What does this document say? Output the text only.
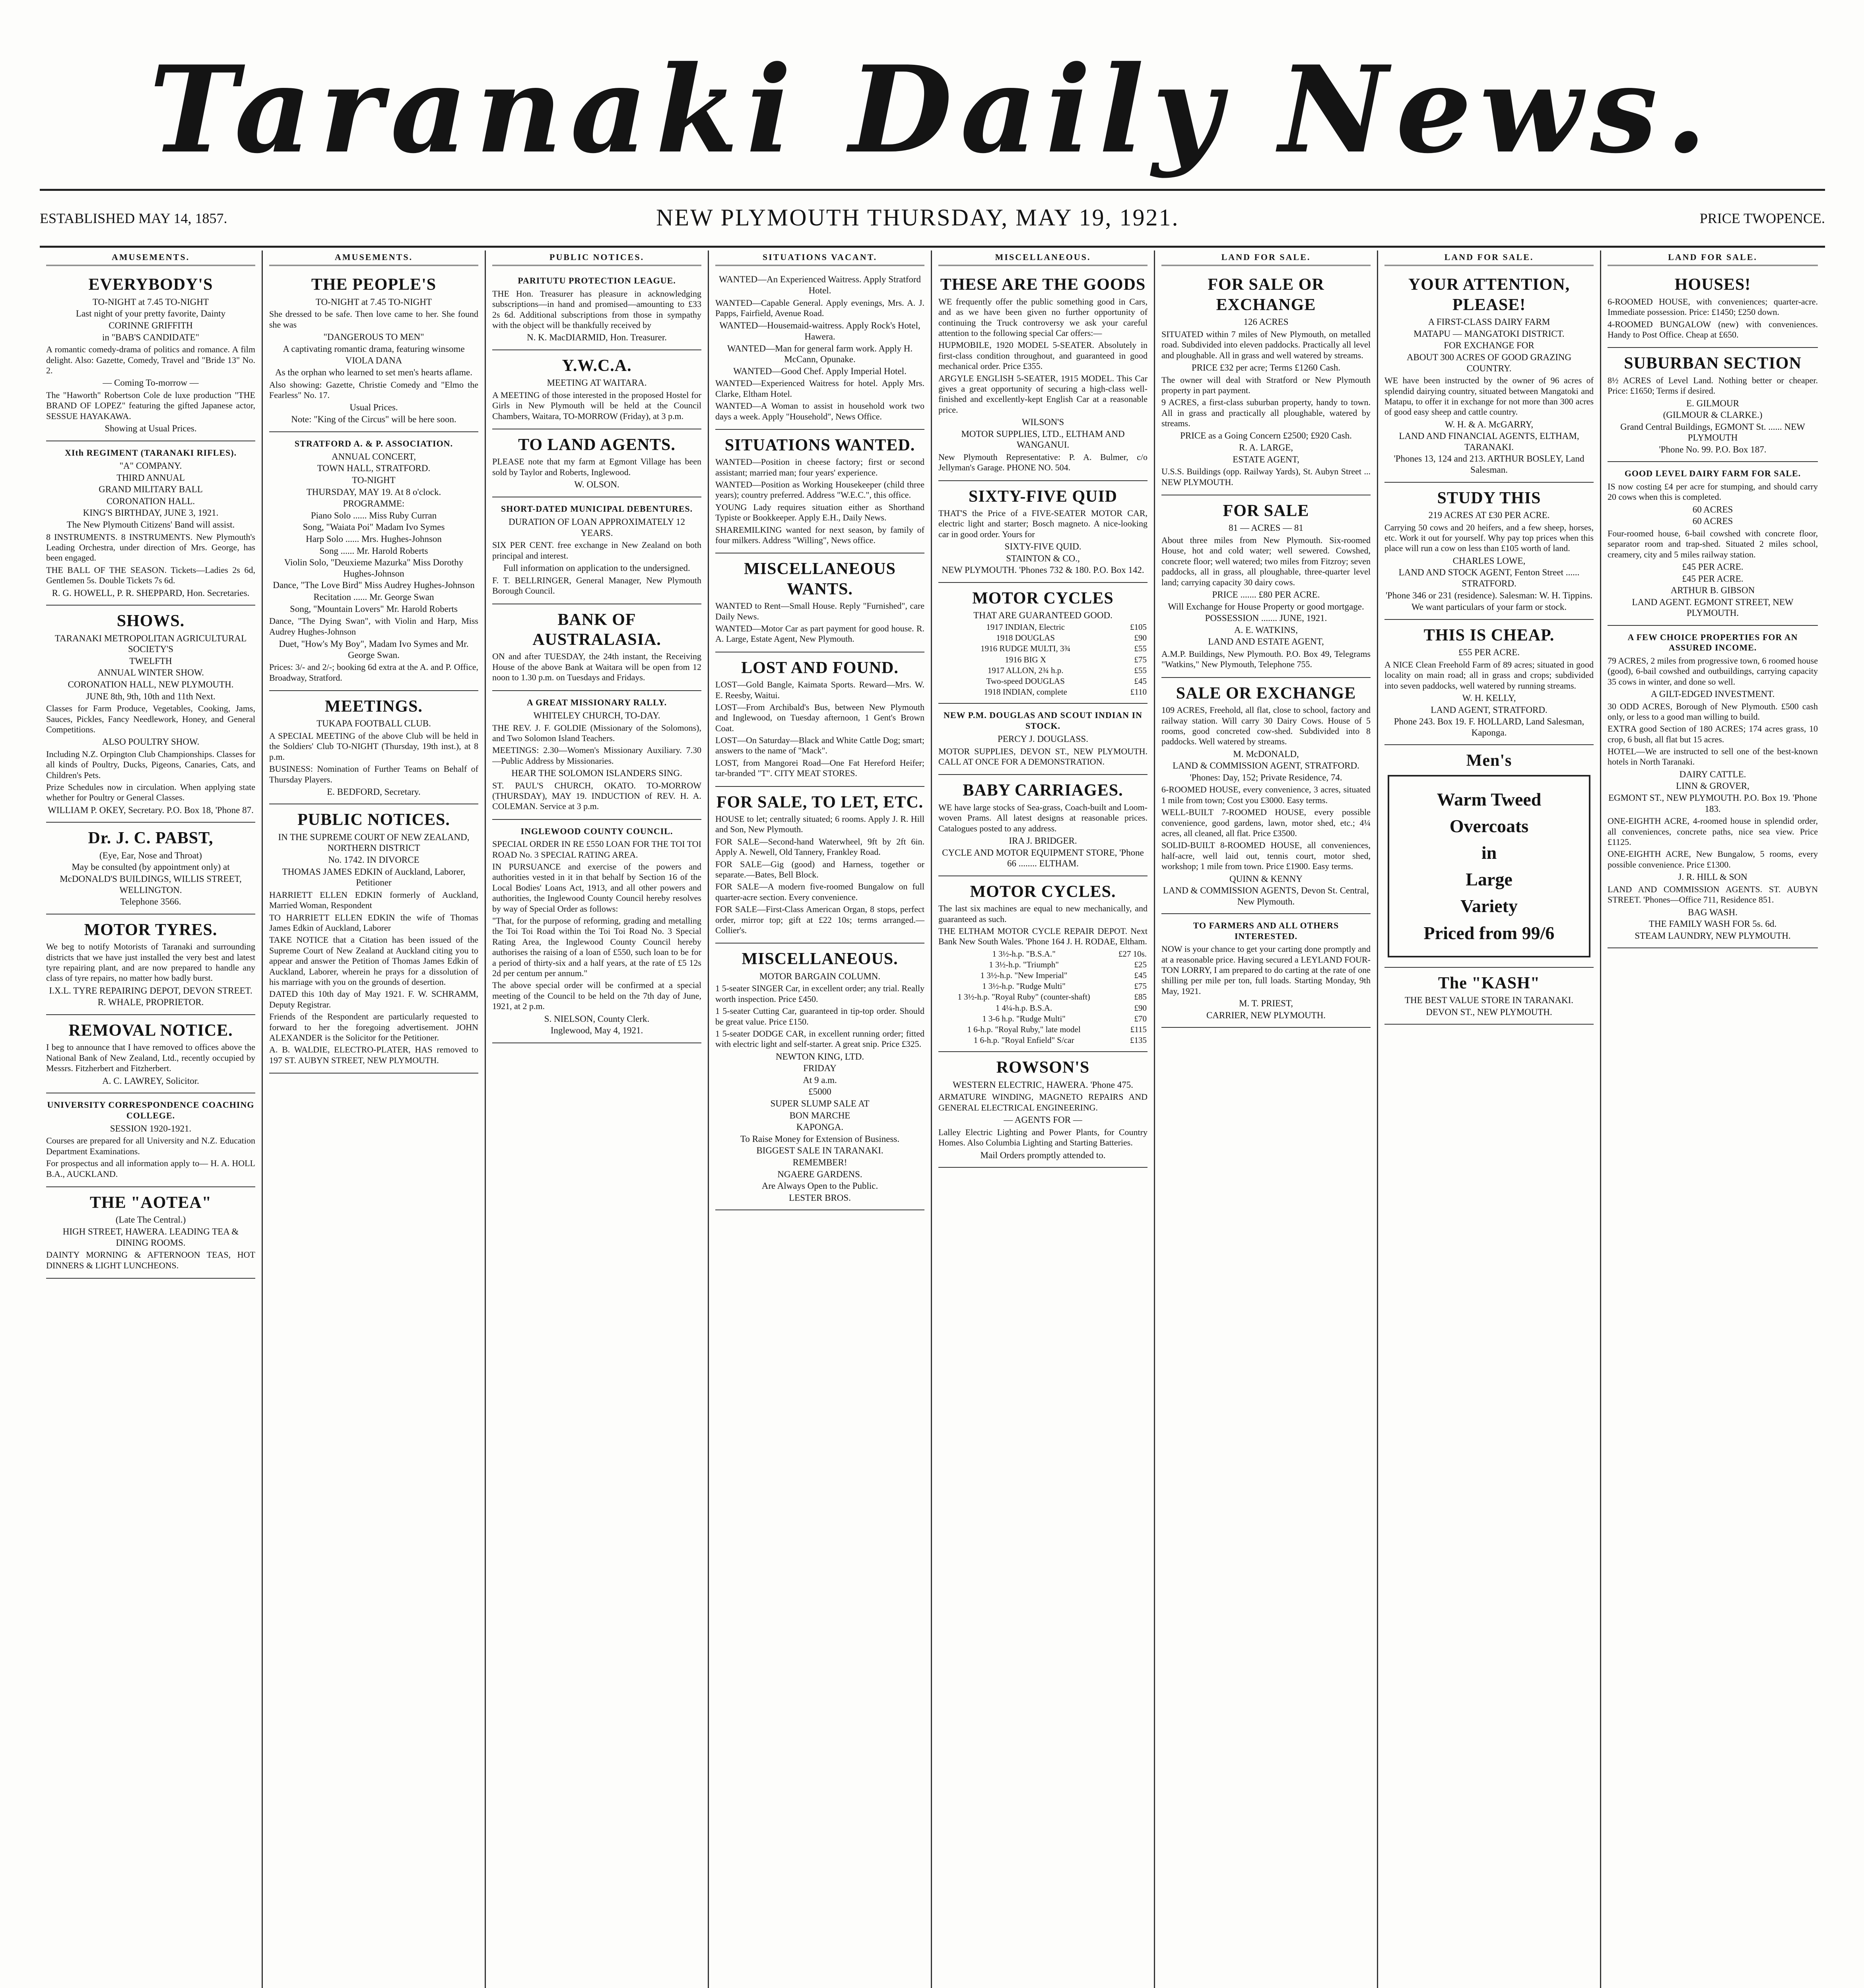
Taranaki Daily News.
ESTABLISHED MAY 14, 1857.	NEW PLYMOUTH THURSDAY, MAY 19, 1921.	PRICE TWOPENCE.
AMUSEMENTS.
EVERYBODY'S
TO-NIGHT at 7.45 TO-NIGHT
Last night of your pretty favorite, Dainty
CORINNE GRIFFITH
in "BAB'S CANDIDATE"
A romantic comedy-drama of politics and romance. A film delight. Also: Gazette, Comedy, Travel and "Bride 13" No. 2.
— Coming To-morrow —
The "Haworth" Robertson Cole de luxe production "THE BRAND OF LOPEZ" featuring the gifted Japanese actor, SESSUE HAYAKAWA.
Showing at Usual Prices.
XIth REGIMENT (TARANAKI RIFLES).
"A" COMPANY.
THIRD ANNUAL
GRAND MILITARY BALL
CORONATION HALL.
KING'S BIRTHDAY, JUNE 3, 1921.
The New Plymouth Citizens' Band will assist.
8 INSTRUMENTS. 8 INSTRUMENTS. New Plymouth's Leading Orchestra, under direction of Mrs. George, has been engaged.
THE BALL OF THE SEASON. Tickets—Ladies 2s 6d, Gentlemen 5s. Double Tickets 7s 6d.
R. G. HOWELL, P. R. SHEPPARD, Hon. Secretaries.
SHOWS.
TARANAKI METROPOLITAN AGRICULTURAL SOCIETY'S
TWELFTH
ANNUAL WINTER SHOW.
CORONATION HALL, NEW PLYMOUTH.
JUNE 8th, 9th, 10th and 11th Next.
Classes for Farm Produce, Vegetables, Cooking, Jams, Sauces, Pickles, Fancy Needlework, Honey, and General Competitions.
ALSO POULTRY SHOW.
Including N.Z. Orpington Club Championships. Classes for all kinds of Poultry, Ducks, Pigeons, Canaries, Cats, and Children's Pets.
Prize Schedules now in circulation. When applying state whether for Poultry or General Classes.
WILLIAM P. OKEY, Secretary. P.O. Box 18, 'Phone 87.
Dr. J. C. PABST,
(Eye, Ear, Nose and Throat)
May be consulted (by appointment only) at
McDONALD'S BUILDINGS, WILLIS STREET, WELLINGTON.
Telephone 3566.
MOTOR TYRES.
We beg to notify Motorists of Taranaki and surrounding districts that we have just installed the very best and latest tyre repairing plant, and are now prepared to handle any class of tyre repairs, no matter how badly burst.
I.X.L. TYRE REPAIRING DEPOT, DEVON STREET.
R. WHALE, PROPRIETOR.
REMOVAL NOTICE.
I beg to announce that I have removed to offices above the National Bank of New Zealand, Ltd., recently occupied by Messrs. Fitzherbert and Fitzherbert.
A. C. LAWREY, Solicitor.
UNIVERSITY CORRESPONDENCE COACHING COLLEGE.
SESSION 1920-1921.
Courses are prepared for all University and N.Z. Education Department Examinations.
For prospectus and all information apply to— H. A. HOLL B.A., AUCKLAND.
THE "AOTEA"
(Late The Central.)
HIGH STREET, HAWERA. LEADING TEA & DINING ROOMS.
DAINTY MORNING & AFTERNOON TEAS, HOT DINNERS & LIGHT LUNCHEONS.
AMUSEMENTS.
THE PEOPLE'S
TO-NIGHT at 7.45 TO-NIGHT
She dressed to be safe. Then love came to her. She found she was
"DANGEROUS TO MEN"
A captivating romantic drama, featuring winsome
VIOLA DANA
As the orphan who learned to set men's hearts aflame.
Also showing: Gazette, Christie Comedy and "Elmo the Fearless" No. 17.
Usual Prices.
Note: "King of the Circus" will be here soon.
STRATFORD A. & P. ASSOCIATION.
ANNUAL CONCERT,
TOWN HALL, STRATFORD.
TO-NIGHT
THURSDAY, MAY 19. At 8 o'clock.
PROGRAMME:
Piano Solo ...... Miss Ruby Curran
Song, "Waiata Poi" Madam Ivo Symes
Harp Solo ...... Mrs. Hughes-Johnson
Song ...... Mr. Harold Roberts
Violin Solo, "Deuxieme Mazurka" Miss Dorothy Hughes-Johnson
Dance, "The Love Bird" Miss Audrey Hughes-Johnson
Recitation ...... Mr. George Swan
Song, "Mountain Lovers" Mr. Harold Roberts
Dance, "The Dying Swan", with Violin and Harp, Miss Audrey Hughes-Johnson
Duet, "How's My Boy", Madam Ivo Symes and Mr. George Swan.
Prices: 3/- and 2/-; booking 6d extra at the A. and P. Office, Broadway, Stratford.
MEETINGS.
TUKAPA FOOTBALL CLUB.
A SPECIAL MEETING of the above Club will be held in the Soldiers' Club TO-NIGHT (Thursday, 19th inst.), at 8 p.m.
BUSINESS: Nomination of Further Teams on Behalf of Thursday Players.
E. BEDFORD, Secretary.
PUBLIC NOTICES.
IN THE SUPREME COURT OF NEW ZEALAND, NORTHERN DISTRICT
No. 1742. IN DIVORCE
THOMAS JAMES EDKIN of Auckland, Laborer, Petitioner
HARRIETT ELLEN EDKIN formerly of Auckland, Married Woman, Respondent
TO HARRIETT ELLEN EDKIN the wife of Thomas James Edkin of Auckland, Laborer
TAKE NOTICE that a Citation has been issued of the Supreme Court of New Zealand at Auckland citing you to appear and answer the Petition of Thomas James Edkin of Auckland, Laborer, wherein he prays for a dissolution of his marriage with you on the grounds of desertion.
DATED this 10th day of May 1921. F. W. SCHRAMM, Deputy Registrar.
Friends of the Respondent are particularly requested to forward to her the foregoing advertisement. JOHN ALEXANDER is the Solicitor for the Petitioner.
A. B. WALDIE, ELECTRO-PLATER, HAS removed to 197 ST. AUBYN STREET, NEW PLYMOUTH.
PUBLIC NOTICES.
PARITUTU PROTECTION LEAGUE.
THE Hon. Treasurer has pleasure in acknowledging subscriptions—in hand and promised—amounting to £33 2s 6d. Additional subscriptions from those in sympathy with the object will be thankfully received by
N. K. MacDIARMID, Hon. Treasurer.
Y.W.C.A.
MEETING AT WAITARA.
A MEETING of those interested in the proposed Hostel for Girls in New Plymouth will be held at the Council Chambers, Waitara, TO-MORROW (Friday), at 3 p.m.
TO LAND AGENTS.
PLEASE note that my farm at Egmont Village has been sold by Taylor and Roberts, Inglewood.
W. OLSON.
SHORT-DATED MUNICIPAL DEBENTURES.
DURATION OF LOAN APPROXIMATELY 12 YEARS.
SIX PER CENT. free exchange in New Zealand on both principal and interest.
Full information on application to the undersigned.
F. T. BELLRINGER, General Manager, New Plymouth Borough Council.
BANK OF AUSTRALASIA.
ON and after TUESDAY, the 24th instant, the Receiving House of the above Bank at Waitara will be open from 12 noon to 1.30 p.m. on Tuesdays and Fridays.
A GREAT MISSIONARY RALLY.
WHITELEY CHURCH, TO-DAY.
THE REV. J. F. GOLDIE (Missionary of the Solomons), and Two Solomon Island Teachers.
MEETINGS: 2.30—Women's Missionary Auxiliary. 7.30—Public Address by Missionaries.
HEAR THE SOLOMON ISLANDERS SING.
ST. PAUL'S CHURCH, OKATO. TO-MORROW (THURSDAY), MAY 19. INDUCTION of REV. H. A. COLEMAN. Service at 3 p.m.
INGLEWOOD COUNTY COUNCIL.
SPECIAL ORDER IN RE £550 LOAN FOR THE TOI TOI ROAD No. 3 SPECIAL RATING AREA.
IN PURSUANCE and exercise of the powers and authorities vested in it in that behalf by Section 16 of the Local Bodies' Loans Act, 1913, and all other powers and authorities, the Inglewood County Council hereby resolves by way of Special Order as follows:
"That, for the purpose of reforming, grading and metalling the Toi Toi Road within the Toi Toi Road No. 3 Special Rating Area, the Inglewood County Council hereby authorises the raising of a loan of £550, such loan to be for a period of thirty-six and a half years, at the rate of £5 12s 2d per centum per annum."
The above special order will be confirmed at a special meeting of the Council to be held on the 7th day of June, 1921, at 2 p.m.
S. NIELSON, County Clerk.
Inglewood, May 4, 1921.
SITUATIONS VACANT.
WANTED—An Experienced Waitress. Apply Stratford Hotel.
WANTED—Capable General. Apply evenings, Mrs. A. J. Papps, Fairfield, Avenue Road.
WANTED—Housemaid-waitress. Apply Rock's Hotel, Hawera.
WANTED—Man for general farm work. Apply H. McCann, Opunake.
WANTED—Good Chef. Apply Imperial Hotel.
WANTED—Experienced Waitress for hotel. Apply Mrs. Clarke, Eltham Hotel.
WANTED—A Woman to assist in household work two days a week. Apply "Household", News Office.
SITUATIONS WANTED.
WANTED—Position in cheese factory; first or second assistant; married man; four years' experience.
WANTED—Position as Working Housekeeper (child three years); country preferred. Address "W.E.C.", this office.
YOUNG Lady requires situation either as Shorthand Typiste or Bookkeeper. Apply E.H., Daily News.
SHAREMILKING wanted for next season, by family of four milkers. Address "Willing", News office.
MISCELLANEOUS WANTS.
WANTED to Rent—Small House. Reply "Furnished", care Daily News.
WANTED—Motor Car as part payment for good house. R. A. Large, Estate Agent, New Plymouth.
LOST AND FOUND.
LOST—Gold Bangle, Kaimata Sports. Reward—Mrs. W. E. Reesby, Waitui.
LOST—From Archibald's Bus, between New Plymouth and Inglewood, on Tuesday afternoon, 1 Gent's Brown Coat.
LOST—On Saturday—Black and White Cattle Dog; smart; answers to the name of "Mack".
LOST, from Mangorei Road—One Fat Hereford Heifer; tar-branded "T". CITY MEAT STORES.
FOR SALE, TO LET, ETC.
HOUSE to let; centrally situated; 6 rooms. Apply J. R. Hill and Son, New Plymouth.
FOR SALE—Second-hand Waterwheel, 9ft by 2ft 6in. Apply A. Newell, Old Tannery, Frankley Road.
FOR SALE—Gig (good) and Harness, together or separate.—Bates, Bell Block.
FOR SALE—A modern five-roomed Bungalow on full quarter-acre section. Every convenience.
FOR SALE—First-Class American Organ, 8 stops, perfect order, mirror top; gift at £22 10s; terms arranged.—Collier's.
MISCELLANEOUS.
MOTOR BARGAIN COLUMN.
1 5-seater SINGER Car, in excellent order; any trial. Really worth inspection. Price £450.
1 5-seater Cutting Car, guaranteed in tip-top order. Should be great value. Price £150.
1 5-seater DODGE CAR, in excellent running order; fitted with electric light and self-starter. A great snip. Price £325.
NEWTON KING, LTD.
FRIDAY
At 9 a.m.
£5000
SUPER SLUMP SALE AT
BON MARCHE
KAPONGA.
To Raise Money for Extension of Business.
BIGGEST SALE IN TARANAKI.
REMEMBER!
NGAERE GARDENS.
Are Always Open to the Public.
LESTER BROS.
MISCELLANEOUS.
THESE ARE THE GOODS
WE frequently offer the public something good in Cars, and as we have been given no further opportunity of continuing the Truck controversy we ask your careful attention to the following special Car offers:—
HUPMOBILE, 1920 MODEL 5-SEATER. Absolutely in first-class condition throughout, and guaranteed in good mechanical order. Price £355.
ARGYLE ENGLISH 5-SEATER, 1915 MODEL. This Car gives a great opportunity of securing a high-class well-finished and excellently-kept English Car at a reasonable price.
WILSON'S
MOTOR SUPPLIES, LTD., ELTHAM AND WANGANUI.
New Plymouth Representative: P. A. Bulmer, c/o Jellyman's Garage. PHONE NO. 504.
SIXTY-FIVE QUID
THAT'S the Price of a FIVE-SEATER MOTOR CAR, electric light and starter; Bosch magneto. A nice-looking car in good order. Yours for
SIXTY-FIVE QUID.
STAINTON & CO.,
NEW PLYMOUTH. 'Phones 732 & 180. P.O. Box 142.
MOTOR CYCLES
THAT ARE GUARANTEED GOOD.
1917 INDIAN, Electric	£105
1918 DOUGLAS	£90
1916 RUDGE MULTI, 3¾	£55
1916 BIG X	£75
1917 ALLON, 2¾ h.p.	£55
Two-speed DOUGLAS	£45
1918 INDIAN, complete	£110
NEW P.M. DOUGLAS AND SCOUT INDIAN IN STOCK.
PERCY J. DOUGLASS.
MOTOR SUPPLIES, DEVON ST., NEW PLYMOUTH. CALL AT ONCE FOR A DEMONSTRATION.
BABY CARRIAGES.
WE have large stocks of Sea-grass, Coach-built and Loom-woven Prams. All latest designs at reasonable prices. Catalogues posted to any address.
IRA J. BRIDGER.
CYCLE AND MOTOR EQUIPMENT STORE, 'Phone 66 ........ ELTHAM.
MOTOR CYCLES.
The last six machines are equal to new mechanically, and guaranteed as such.
THE ELTHAM MOTOR CYCLE REPAIR DEPOT. Next Bank New South Wales. 'Phone 164 J. H. RODAE, Eltham.
1 3½-h.p. "B.S.A."	£27 10s.
1 3½-h.p. "Triumph"	£25
1 3½-h.p. "New Imperial"	£45
1 3½-h.p. "Rudge Multi"	£75
1 3½-h.p. "Royal Ruby" (counter-shaft)	£85
1 4¼-h.p. B.S.A.	£90
1 3-6 h.p. "Rudge Multi"	£70
1 6-h.p. "Royal Ruby," late model	£115
1 6-h.p. "Royal Enfield" S/car	£135
ROWSON'S
WESTERN ELECTRIC, HAWERA. 'Phone 475.
ARMATURE WINDING, MAGNETO REPAIRS AND GENERAL ELECTRICAL ENGINEERING.
— AGENTS FOR —
Lalley Electric Lighting and Power Plants, for Country Homes. Also Columbia Lighting and Starting Batteries.
Mail Orders promptly attended to.
LAND FOR SALE.
FOR SALE OR EXCHANGE
126 ACRES
SITUATED within 7 miles of New Plymouth, on metalled road. Subdivided into eleven paddocks. Practically all level and ploughable. All in grass and well watered by streams.
PRICE £32 per acre; Terms £1260 Cash.
The owner will deal with Stratford or New Plymouth property in part payment.
9 ACRES, a first-class suburban property, handy to town. All in grass and practically all ploughable, watered by streams.
PRICE as a Going Concern £2500; £920 Cash.
R. A. LARGE,
ESTATE AGENT,
U.S.S. Buildings (opp. Railway Yards), St. Aubyn Street ... NEW PLYMOUTH.
FOR SALE
81 — ACRES — 81
About three miles from New Plymouth. Six-roomed House, hot and cold water; well sewered. Cowshed, concrete floor; well watered; two miles from Fitzroy; seven paddocks, all in grass, all ploughable, three-quarter level land; carrying capacity 30 dairy cows.
PRICE ....... £80 PER ACRE.
Will Exchange for House Property or good mortgage.
POSSESSION ....... JUNE, 1921.
A. E. WATKINS,
LAND AND ESTATE AGENT,
A.M.P. Buildings, New Plymouth. P.O. Box 49, Telegrams "Watkins," New Plymouth, Telephone 755.
SALE OR EXCHANGE
109 ACRES, Freehold, all flat, close to school, factory and railway station. Will carry 30 Dairy Cows. House of 5 rooms, good concreted cow-shed. Subdivided into 8 paddocks. Well watered by streams.
M. McDONALD,
LAND & COMMISSION AGENT, STRATFORD.
'Phones: Day, 152; Private Residence, 74.
6-ROOMED HOUSE, every convenience, 3 acres, situated 1 mile from town; Cost you £3000. Easy terms.
WELL-BUILT 7-ROOMED HOUSE, every possible convenience, good gardens, lawn, motor shed, etc.; 4¼ acres, all cleaned, all flat. Price £3500.
SOLID-BUILT 8-ROOMED HOUSE, all conveniences, half-acre, well laid out, tennis court, motor shed, workshop; 1 mile from town. Price £1900. Easy terms.
QUINN & KENNY
LAND & COMMISSION AGENTS, Devon St. Central, New Plymouth.
TO FARMERS AND ALL OTHERS INTERESTED.
NOW is your chance to get your carting done promptly and at a reasonable price. Having secured a LEYLAND FOUR-TON LORRY, I am prepared to do carting at the rate of one shilling per mile per ton, full loads. Starting Monday, 9th May, 1921.
M. T. PRIEST,
CARRIER, NEW PLYMOUTH.
LAND FOR SALE.
YOUR ATTENTION, PLEASE!
A FIRST-CLASS DAIRY FARM
MATAPU — MANGATOKI DISTRICT.
FOR EXCHANGE FOR
ABOUT 300 ACRES OF GOOD GRAZING COUNTRY.
WE have been instructed by the owner of 96 acres of splendid dairying country, situated between Mangatoki and Matapu, to offer it in exchange for not more than 300 acres of good easy sheep and cattle country.
W. H. & A. McGARRY,
LAND AND FINANCIAL AGENTS, ELTHAM, TARANAKI.
'Phones 13, 124 and 213. ARTHUR BOSLEY, Land Salesman.
STUDY THIS
219 ACRES AT £30 PER ACRE.
Carrying 50 cows and 20 heifers, and a few sheep, horses, etc. Work it out for yourself. Why pay top prices when this place will run a cow on less than £105 worth of land.
CHARLES LOWE,
LAND AND STOCK AGENT, Fenton Street ...... STRATFORD.
'Phone 346 or 231 (residence). Salesman: W. H. Tippins.
We want particulars of your farm or stock.
THIS IS CHEAP.
£55 PER ACRE.
A NICE Clean Freehold Farm of 89 acres; situated in good locality on main road; all in grass and crops; subdivided into seven paddocks, well watered by running streams.
W. H. KELLY,
LAND AGENT, STRATFORD.
Phone 243. Box 19. F. HOLLARD, Land Salesman, Kaponga.
Men's
Warm Tweed
Overcoats
in
Large
Variety
Priced from 99/6
The "KASH"
THE BEST VALUE STORE IN TARANAKI.
DEVON ST., NEW PLYMOUTH.
LAND FOR SALE.
HOUSES!
6-ROOMED HOUSE, with conveniences; quarter-acre. Immediate possession. Price: £1450; £250 down.
4-ROOMED BUNGALOW (new) with conveniences. Handy to Post Office. Cheap at £650.
SUBURBAN SECTION
8½ ACRES of Level Land. Nothing better or cheaper. Price: £1650; Terms if desired.
E. GILMOUR
(GILMOUR & CLARKE.)
Grand Central Buildings, EGMONT St. ...... NEW PLYMOUTH
'Phone No. 99. P.O. Box 187.
GOOD LEVEL DAIRY FARM FOR SALE.
IS now costing £4 per acre for stumping, and should carry 20 cows when this is completed.
60 ACRES
60 ACRES
Four-roomed house, 6-bail cowshed with concrete floor, separator room and trap-shed. Situated 2 miles school, creamery, city and 5 miles railway station.
£45 PER ACRE.
£45 PER ACRE.
ARTHUR B. GIBSON
LAND AGENT. EGMONT STREET, NEW PLYMOUTH.
A FEW CHOICE PROPERTIES FOR AN ASSURED INCOME.
79 ACRES, 2 miles from progressive town, 6 roomed house (good), 6-bail cowshed and outbuildings, carrying capacity 35 cows in winter, and done so well.
A GILT-EDGED INVESTMENT.
30 ODD ACRES, Borough of New Plymouth. £500 cash only, or less to a good man willing to build.
EXTRA good Section of 180 ACRES; 174 acres grass, 10 crop, 6 bush, all flat but 15 acres.
HOTEL—We are instructed to sell one of the best-known hotels in North Taranaki.
DAIRY CATTLE.
LINN & GROVER,
EGMONT ST., NEW PLYMOUTH. P.O. Box 19. 'Phone 183.
ONE-EIGHTH ACRE, 4-roomed house in splendid order, all conveniences, concrete paths, nice sea view. Price £1125.
ONE-EIGHTH ACRE, New Bungalow, 5 rooms, every possible convenience. Price £1300.
J. R. HILL & SON
LAND AND COMMISSION AGENTS. ST. AUBYN STREET. 'Phones—Office 711, Residence 851.
BAG WASH.
THE FAMILY WASH FOR 5s. 6d.
STEAM LAUNDRY, NEW PLYMOUTH.
